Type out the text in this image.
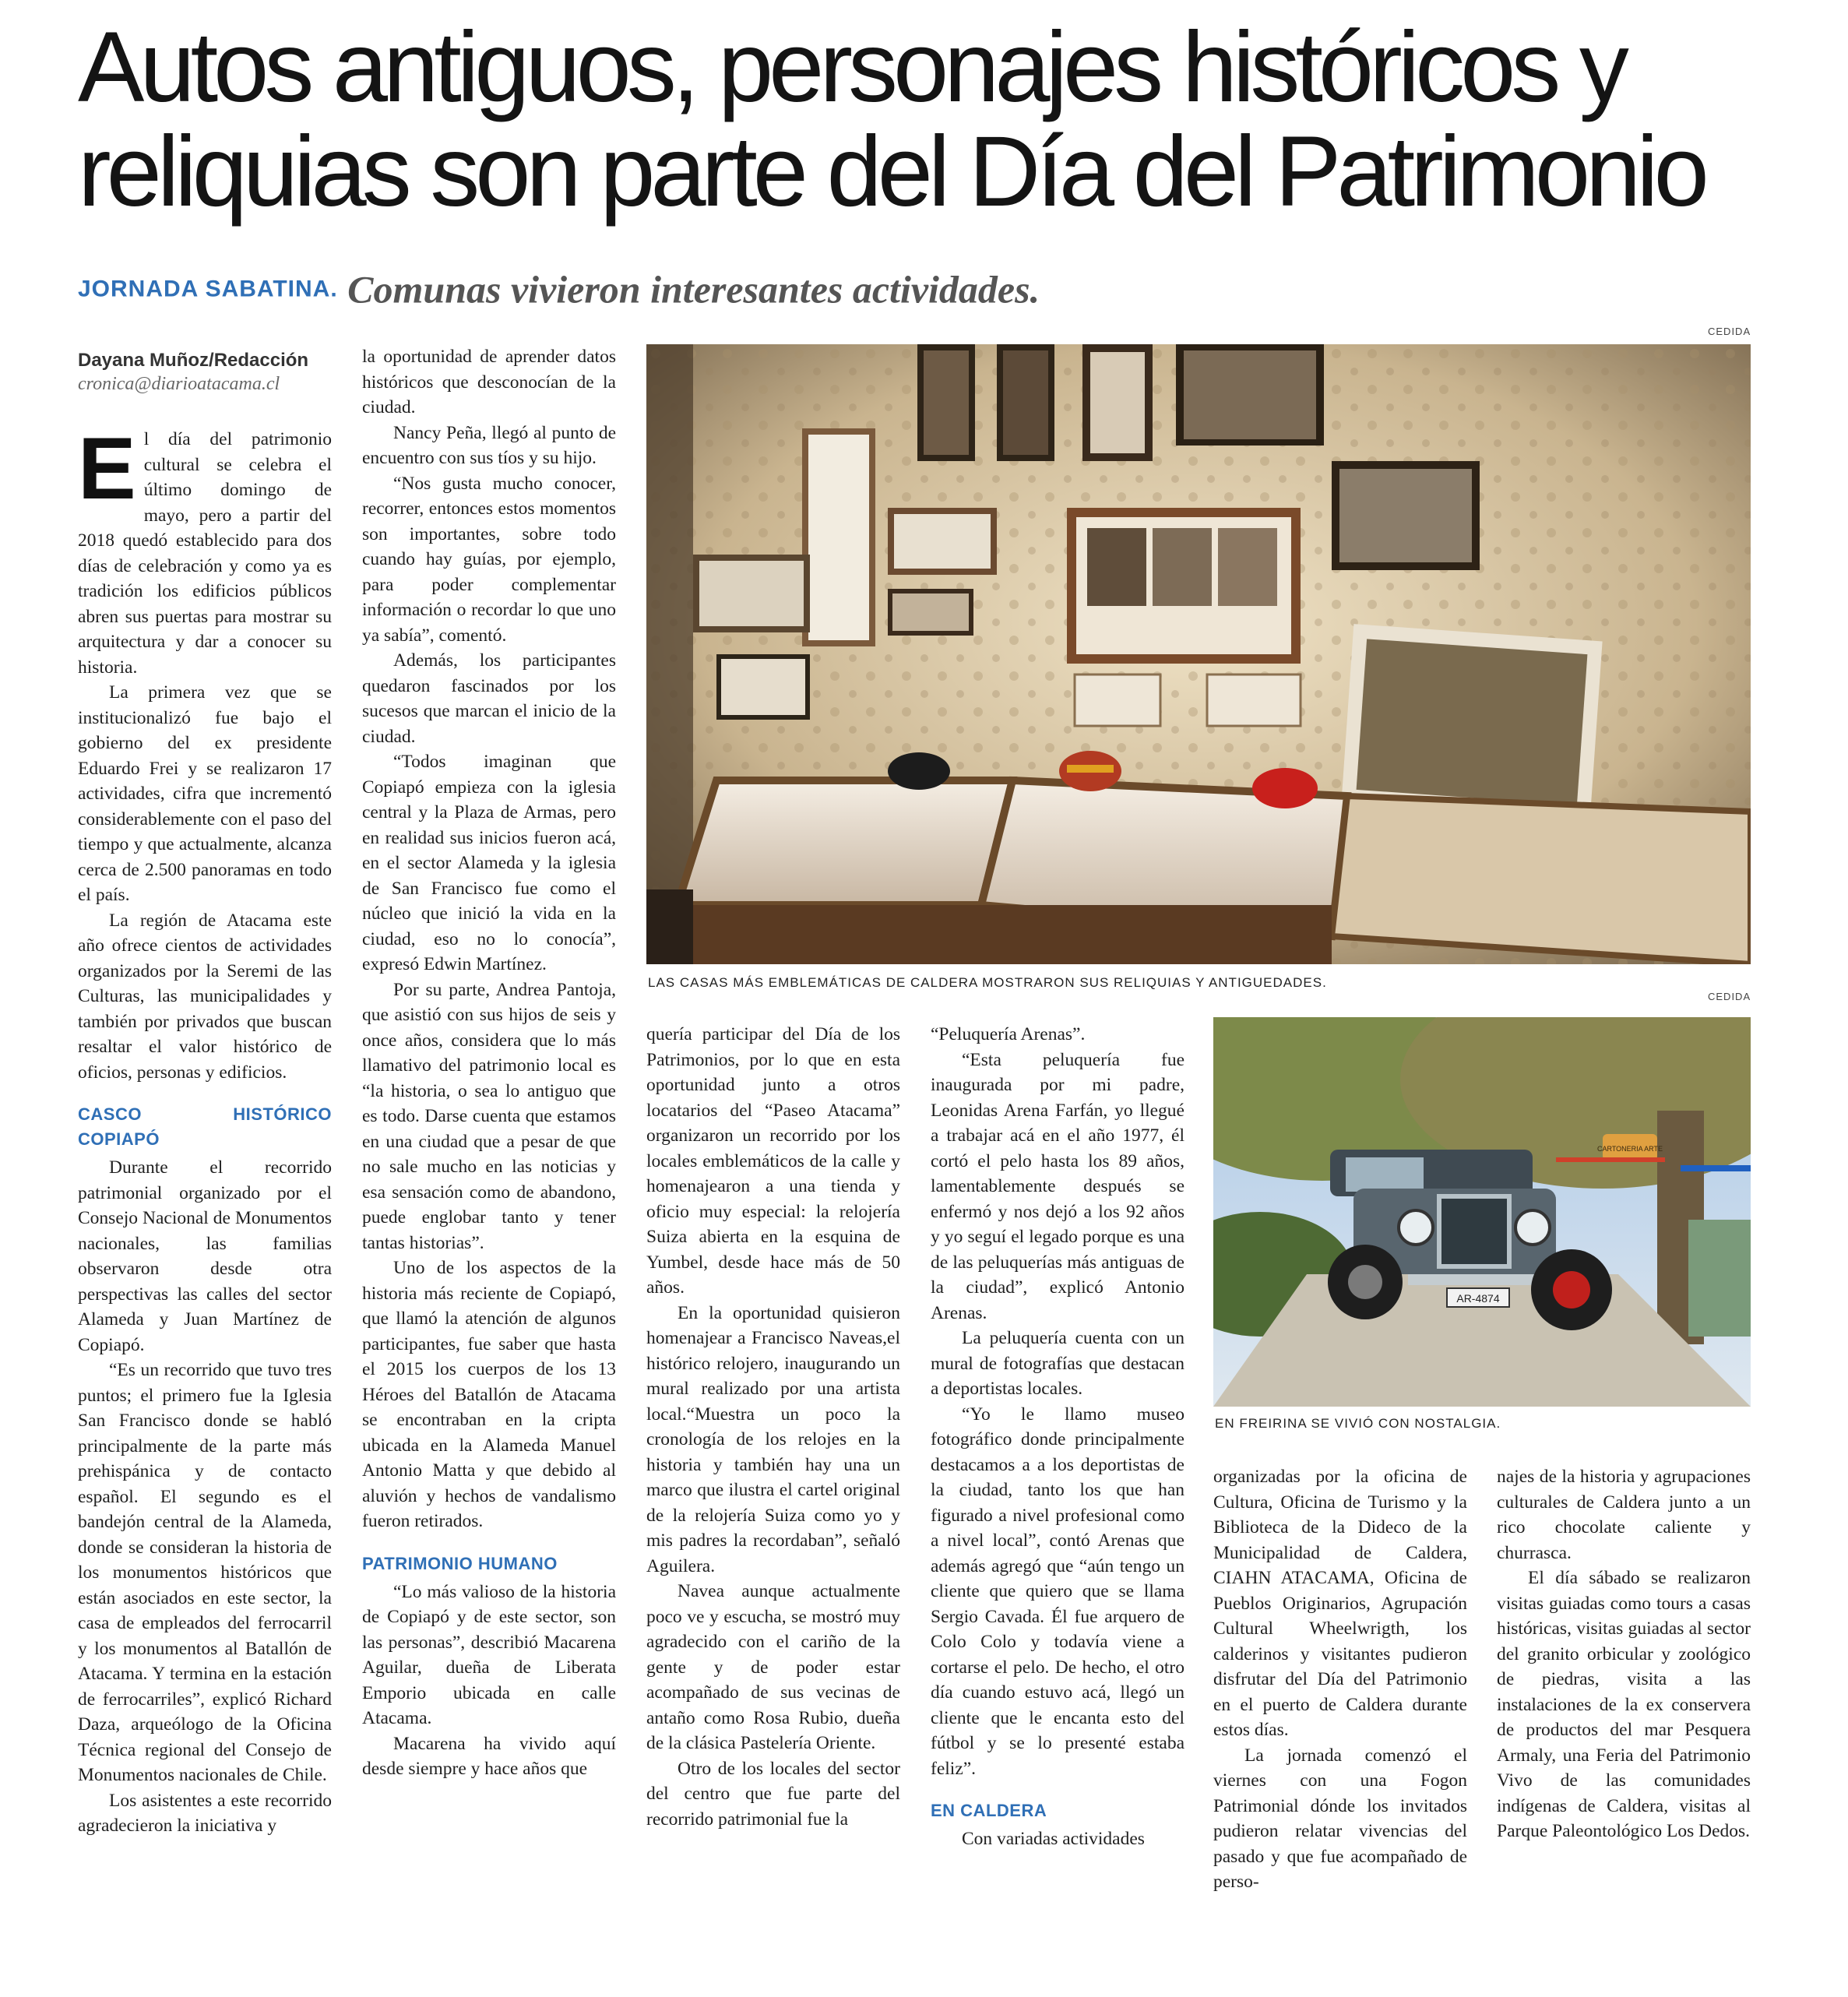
Autos antiguos, personajes históricos y
reliquias son parte del Día del Patrimonio
JORNADA SABATINA. Comunas vivieron interesantes actividades.
Dayana Muñoz/Redacción
cronica@diarioatacama.cl

El día del patrimonio cultural se celebra el último domingo de mayo, pero a partir del 2018 quedó establecido para dos días de celebración y como ya es tradición los edificios públicos abren sus puertas para mostrar su arquitectura y dar a conocer su historia.

La primera vez que se institucionalizó fue bajo el gobierno del ex presidente Eduardo Frei y se realizaron 17 actividades, cifra que incrementó considerablemente con el paso del tiempo y que actualmente, alcanza cerca de 2.500 panoramas en todo el país.

La región de Atacama este año ofrece cientos de actividades organizados por la Seremi de las Culturas, las municipalidades y también por privados que buscan resaltar el valor histórico de oficios, personas y edificios.

CASCO HISTÓRICO COPIAPÓ

Durante el recorrido patrimonial organizado por el Consejo Nacional de Monumentos nacionales, las familias observaron desde otra perspectivas las calles del sector Alameda y Juan Martínez de Copiapó.

“Es un recorrido que tuvo tres puntos; el primero fue la Iglesia San Francisco donde se habló principalmente de la parte más prehispánica y de contacto español. El segundo es el bandejón central de la Alameda, donde se consideran la historia de los monumentos históricos que están asociados en este sector, la casa de empleados del ferrocarril y los monumentos al Batallón de Atacama. Y termina en la estación de ferrocarriles”, explicó Richard Daza, arqueólogo de la Oficina Técnica regional del Consejo de Monumentos nacionales de Chile.

Los asistentes a este recorrido agradecieron la iniciativa y

la oportunidad de aprender datos históricos que desconocían de la ciudad.

Nancy Peña, llegó al punto de encuentro con sus tíos y su hijo.

“Nos gusta mucho conocer, recorrer, entonces estos momentos son importantes, sobre todo cuando hay guías, por ejemplo, para poder complementar información o recordar lo que uno ya sabía”, comentó.

Además, los participantes quedaron fascinados por los sucesos que marcan el inicio de la ciudad.

“Todos imaginan que Copiapó empieza con la iglesia central y la Plaza de Armas, pero en realidad sus inicios fueron acá, en el sector Alameda y la iglesia de San Francisco fue como el núcleo que inició la vida en la ciudad, eso no lo conocía”, expresó Edwin Martínez.

Por su parte, Andrea Pantoja, que asistió con sus hijos de seis y once años, considera que lo más llamativo del patrimonio local es “la historia, o sea lo antiguo que es todo. Darse cuenta que estamos en una ciudad que a pesar de que no sale mucho en las noticias y esa sensación como de abandono, puede englobar tanto y tener tantas historias”.

Uno de los aspectos de la historia más reciente de Copiapó, que llamó la atención de algunos participantes, fue saber que hasta el 2015 los cuerpos de los 13 Héroes del Batallón de Atacama se encontraban en la cripta ubicada en la Alameda Manuel Antonio Matta y que debido al aluvión y hechos de vandalismo fueron retirados.

PATRIMONIO HUMANO

“Lo más valioso de la historia de Copiapó y de este sector, son las personas”, describió Macarena Aguilar, dueña de Liberata Emporio ubicada en calle Atacama.

Macarena ha vivido aquí desde siempre y hace años que

CEDIDA
LAS CASAS MÁS EMBLEMÁTICAS DE CALDERA MOSTRARON SUS RELIQUIAS Y ANTIGUEDADES.

quería participar del Día de los Patrimonios, por lo que en esta oportunidad junto a otros locatarios del “Paseo Atacama” organizaron un recorrido por los locales emblemáticos de la calle y homenajearon a una tienda y oficio muy especial: la relojería Suiza abierta en la esquina de Yumbel, desde hace más de 50 años.

En la oportunidad quisieron homenajear a Francisco Naveas,el histórico relojero, inaugurando un mural realizado por una artista local.“Muestra un poco la cronología de los relojes en la historia y también hay una un marco que ilustra el cartel original de la relojería Suiza como yo y mis padres la recordaban”, señaló Aguilera.

Navea aunque actualmente poco ve y escucha, se mostró muy agradecido con el cariño de la gente y de poder estar acompañado de sus vecinas de antaño como Rosa Rubio, dueña de la clásica Pastelería Oriente.

Otro de los locales del sector del centro que fue parte del recorrido patrimonial fue la

“Peluquería Arenas”.

“Esta peluquería fue inaugurada por mi padre, Leonidas Arena Farfán, yo llegué a trabajar acá en el año 1977, él cortó el pelo hasta los 89 años, lamentablemente después se enfermó y nos dejó a los 92 años y yo seguí el legado porque es una de las peluquerías más antiguas de la ciudad”, explicó Antonio Arenas.

La peluquería cuenta con un mural de fotografías que destacan a deportistas locales.

“Yo le llamo museo fotográfico donde principalmente destacamos a a los deportistas de la ciudad, tanto los que han figurado a nivel profesional como a nivel local”, contó Arenas que además agregó que “aún tengo un cliente que quiero que se llama Sergio Cavada. Él fue arquero de Colo Colo y todavía viene a cortarse el pelo. De hecho, el otro día cuando estuvo acá, llegó un cliente que le encanta esto del fútbol y se lo presenté estaba feliz”.

EN CALDERA

Con variadas actividades

CEDIDA
AR-4874
CARTONERIA ARTE
EN FREIRINA SE VIVIÓ CON NOSTALGIA.

organizadas por la oficina de Cultura, Oficina de Turismo y la Biblioteca de la Dideco de la Municipalidad de Caldera, CIAHN ATACAMA, Oficina de Pueblos Originarios, Agrupación Cultural Wheelwrigth, los calderinos y visitantes pudieron disfrutar del Día del Patrimonio en el puerto de Caldera durante estos días.

La jornada comenzó el viernes con una Fogon Patrimonial dónde los invitados pudieron relatar vivencias del pasado y que fue acompañado de perso-

najes de la historia y agrupaciones culturales de Caldera junto a un rico chocolate caliente y churrasca.

El día sábado se realizaron visitas guiadas como tours a casas históricas, visitas guiadas al sector del granito orbicular y zoológico de piedras, visita a las instalaciones de la ex conservera de productos del mar Pesquera Armaly, una Feria del Patrimonio Vivo de las comunidades indígenas de Caldera, visitas al Parque Paleontológico Los Dedos.
